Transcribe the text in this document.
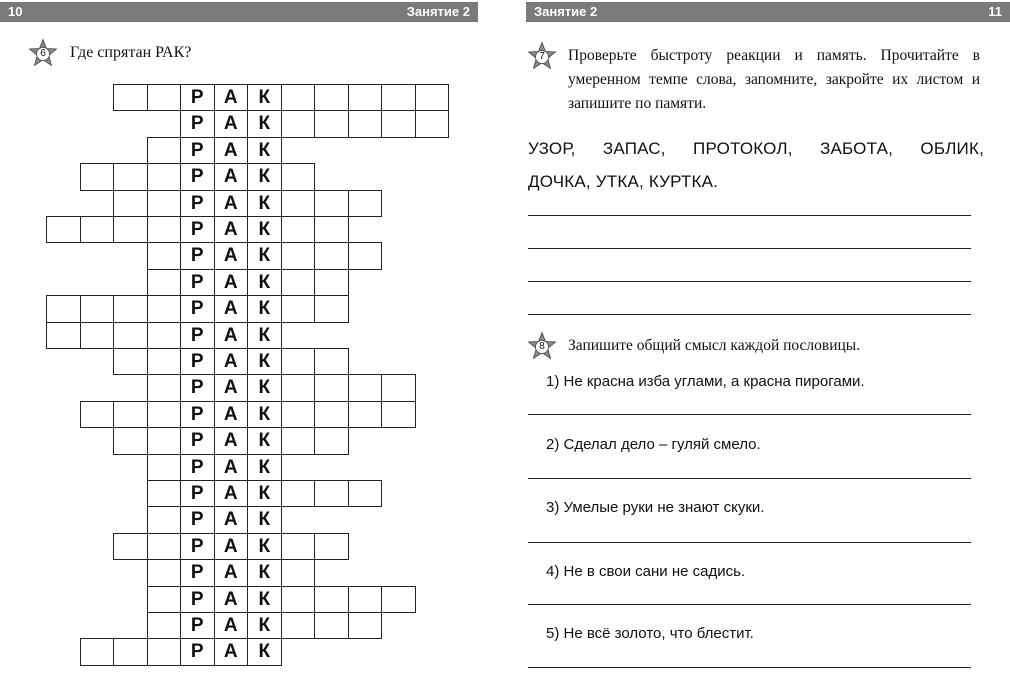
10	Занятие 2
6	Где спрятан РАК?
Р	А	К
Р	А	К
Р	А	К
Р	А	К
Р	А	К
Р	А	К
Р	А	К
Р	А	К
Р	А	К
Р	А	К
Р	А	К
Р	А	К
Р	А	К
Р	А	К
Р	А	К
Р	А	К
Р	А	К
Р	А	К
Р	А	К
Р	А	К
Р	А	К
Р	А	К
Занятие 2	11
7	Проверьте быстроту реакции и память. Прочитайте в умеренном темпе слова, запомните, закройте их листом и запишите по памяти.
УЗОР, ЗАПАС, ПРОТОКОЛ, ЗАБОТА, ОБЛИК,
ДОЧКА, УТКА, КУРТКА.
8	Запишите общий смысл каждой пословицы.
1) Не красна изба углами, а красна пирогами.
2) Сделал дело – гуляй смело.
3) Умелые руки не знают скуки.
4) Не в свои сани не садись.
5) Не всё золото, что блестит.
